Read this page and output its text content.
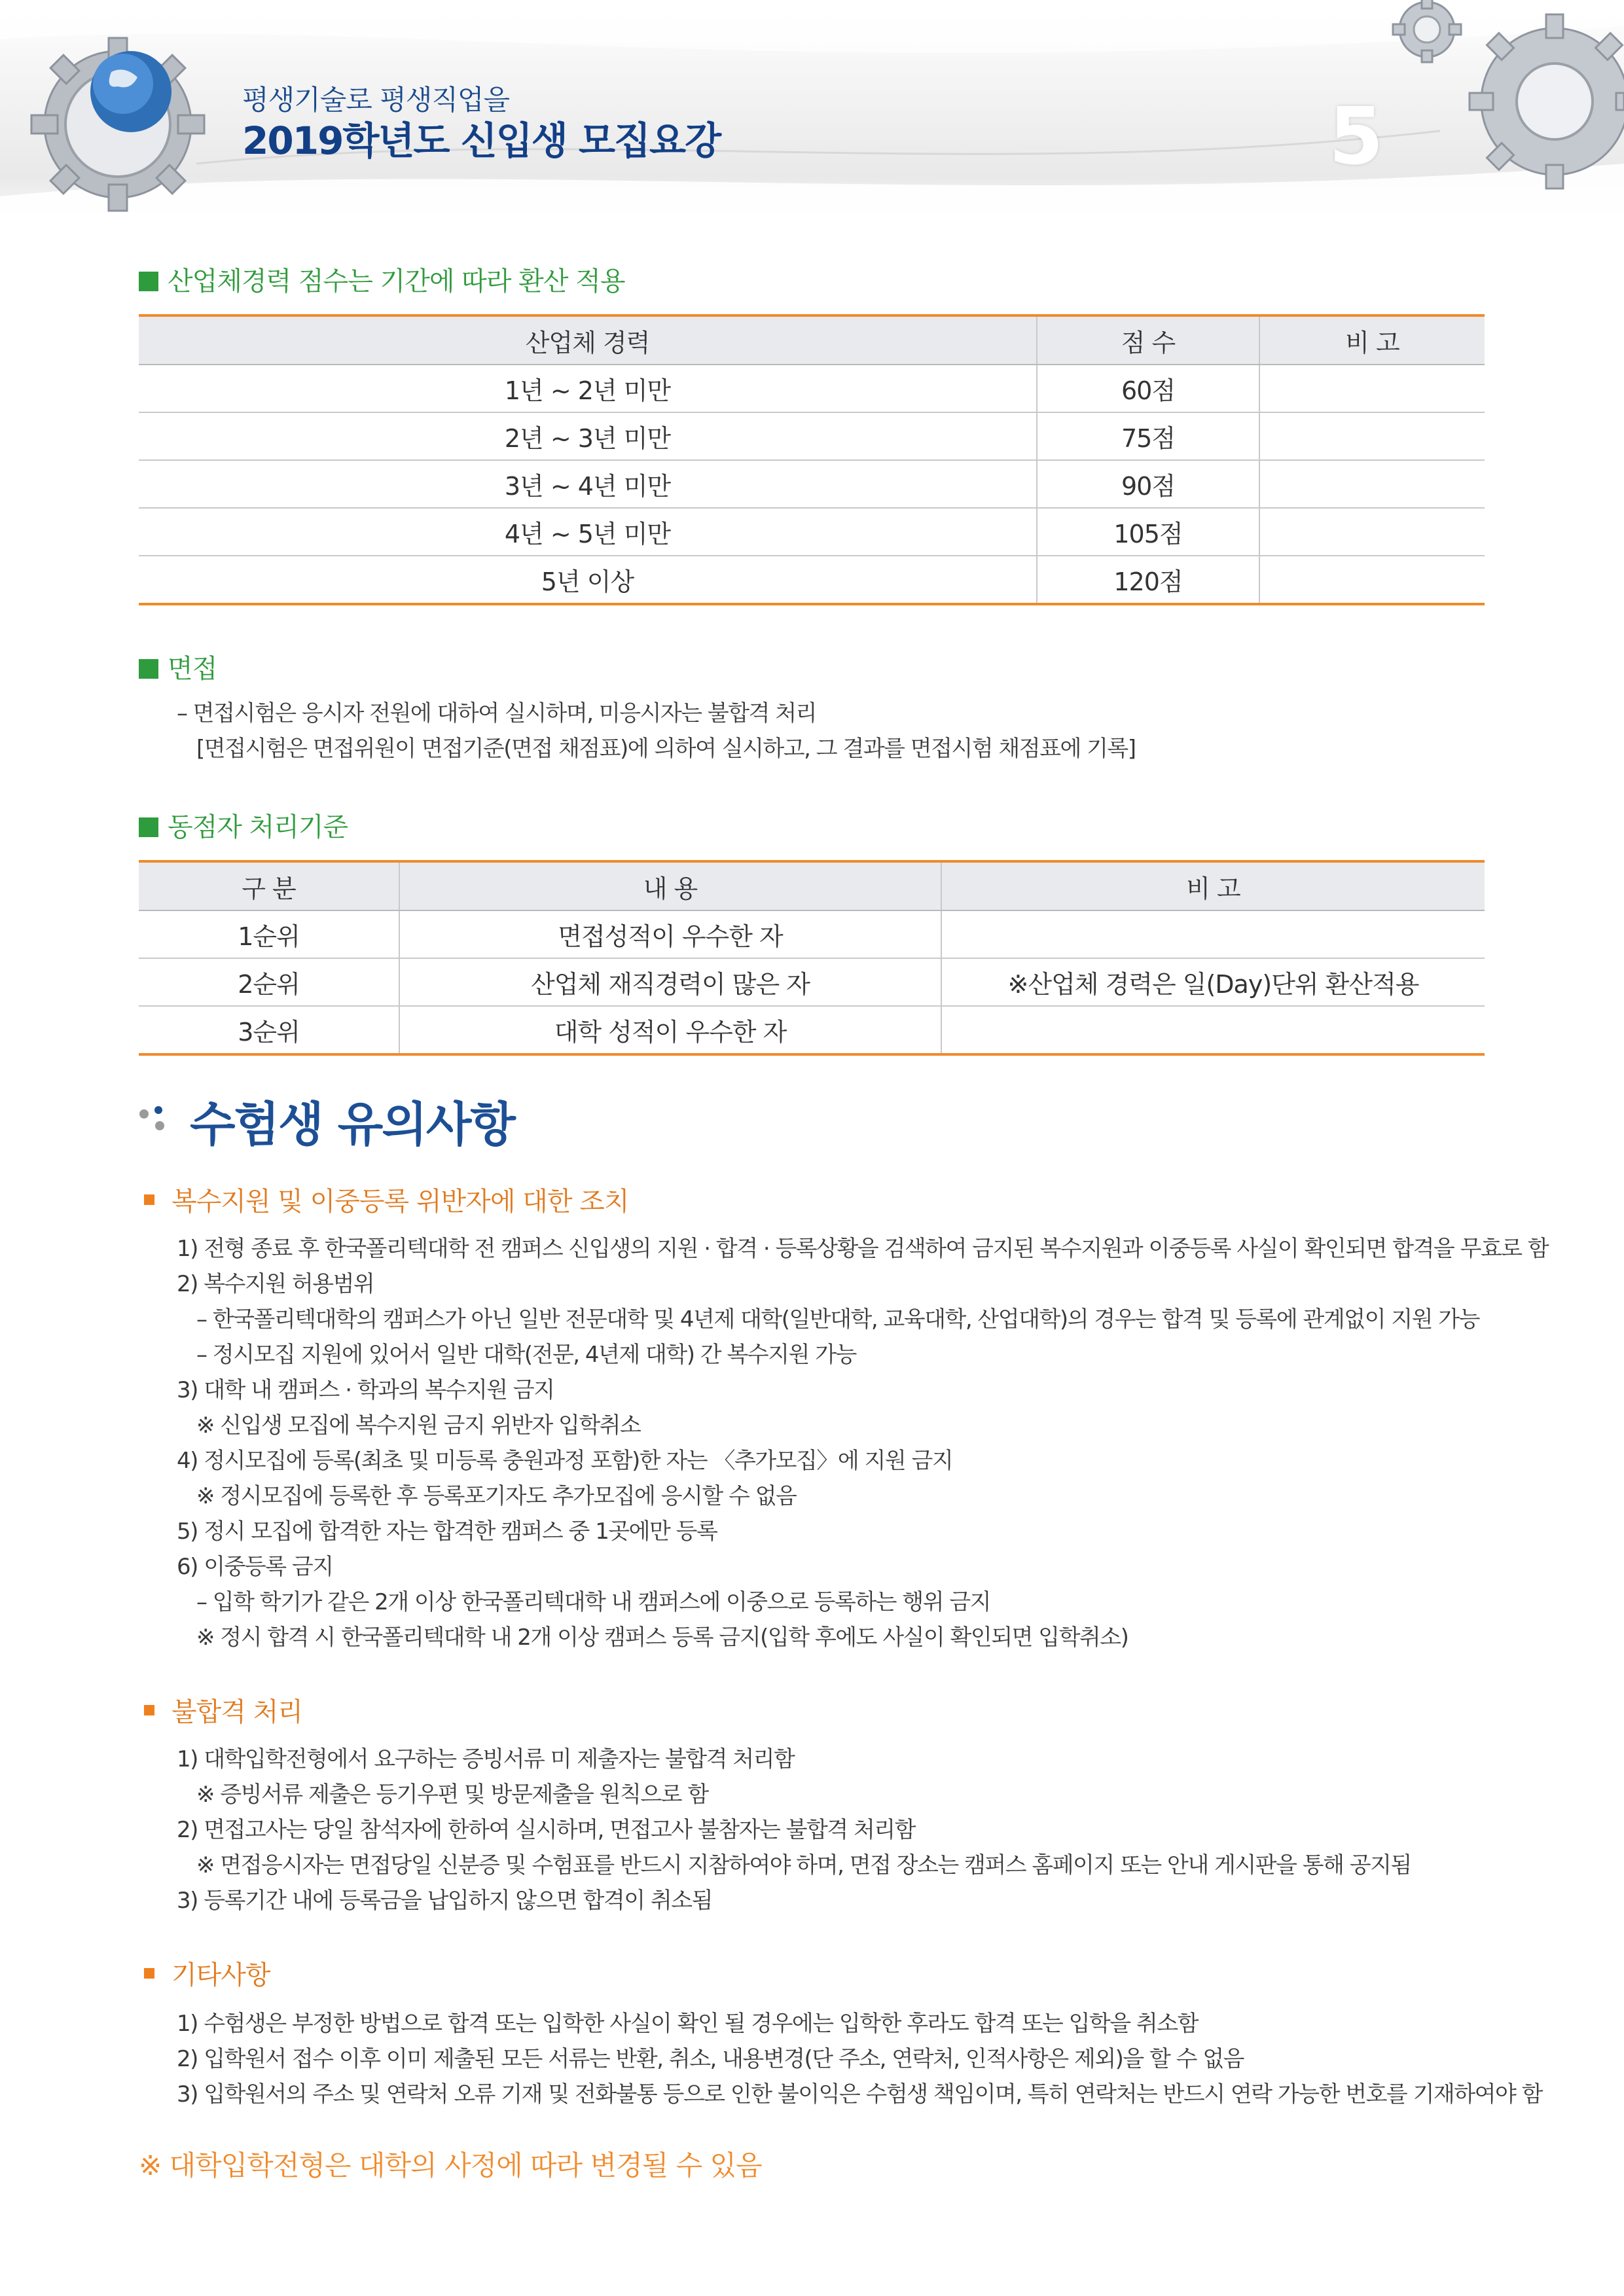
평생기술로 평생직업을
2019학년도 신입생 모집요강	5
산업체경력 점수는 기간에 따라 환산 적용
산업체 경력	점 수	비 고
1년 ~ 2년 미만	60점	
2년 ~ 3년 미만	75점	
3년 ~ 4년 미만	90점	
4년 ~ 5년 미만	105점	
5년 이상	120점	
면접
– 면접시험은 응시자 전원에 대하여 실시하며, 미응시자는 불합격 처리
[면접시험은 면접위원이 면접기준(면접 채점표)에 의하여 실시하고, 그 결과를 면접시험 채점표에 기록]
동점자 처리기준
구 분	내 용	비 고
1순위	면접성적이 우수한 자	
2순위	산업체 재직경력이 많은 자	※산업체 경력은 일(Day)단위 환산적용
3순위	대학 성적이 우수한 자	
수험생 유의사항
복수지원 및 이중등록 위반자에 대한 조치
1) 전형 종료 후 한국폴리텍대학 전 캠퍼스 신입생의 지원 · 합격 · 등록상황을 검색하여 금지된 복수지원과 이중등록 사실이 확인되면 합격을 무효로 함
2) 복수지원 허용범위
– 한국폴리텍대학의 캠퍼스가 아닌 일반 전문대학 및 4년제 대학(일반대학, 교육대학, 산업대학)의 경우는 합격 및 등록에 관계없이 지원 가능
– 정시모집 지원에 있어서 일반 대학(전문, 4년제 대학) 간 복수지원 가능
3) 대학 내 캠퍼스 · 학과의 복수지원 금지
※ 신입생 모집에 복수지원 금지 위반자 입학취소
4) 정시모집에 등록(최초 및 미등록 충원과정 포함)한 자는 〈추가모집〉에 지원 금지
※ 정시모집에 등록한 후 등록포기자도 추가모집에 응시할 수 없음
5) 정시 모집에 합격한 자는 합격한 캠퍼스 중 1곳에만 등록
6) 이중등록 금지
– 입학 학기가 같은 2개 이상 한국폴리텍대학 내 캠퍼스에 이중으로 등록하는 행위 금지
※ 정시 합격 시 한국폴리텍대학 내 2개 이상 캠퍼스 등록 금지(입학 후에도 사실이 확인되면 입학취소)
불합격 처리
1) 대학입학전형에서 요구하는 증빙서류 미 제출자는 불합격 처리함
※ 증빙서류 제출은 등기우편 및 방문제출을 원칙으로 함
2) 면접고사는 당일 참석자에 한하여 실시하며, 면접고사 불참자는 불합격 처리함
※ 면접응시자는 면접당일 신분증 및 수험표를 반드시 지참하여야 하며, 면접 장소는 캠퍼스 홈페이지 또는 안내 게시판을 통해 공지됨
3) 등록기간 내에 등록금을 납입하지 않으면 합격이 취소됨
기타사항
1) 수험생은 부정한 방법으로 합격 또는 입학한 사실이 확인 될 경우에는 입학한 후라도 합격 또는 입학을 취소함
2) 입학원서 접수 이후 이미 제출된 모든 서류는 반환, 취소, 내용변경(단 주소, 연락처, 인적사항은 제외)을 할 수 없음
3) 입학원서의 주소 및 연락처 오류 기재 및 전화불통 등으로 인한 불이익은 수험생 책임이며, 특히 연락처는 반드시 연락 가능한 번호를 기재하여야 함
※ 대학입학전형은 대학의 사정에 따라 변경될 수 있음
